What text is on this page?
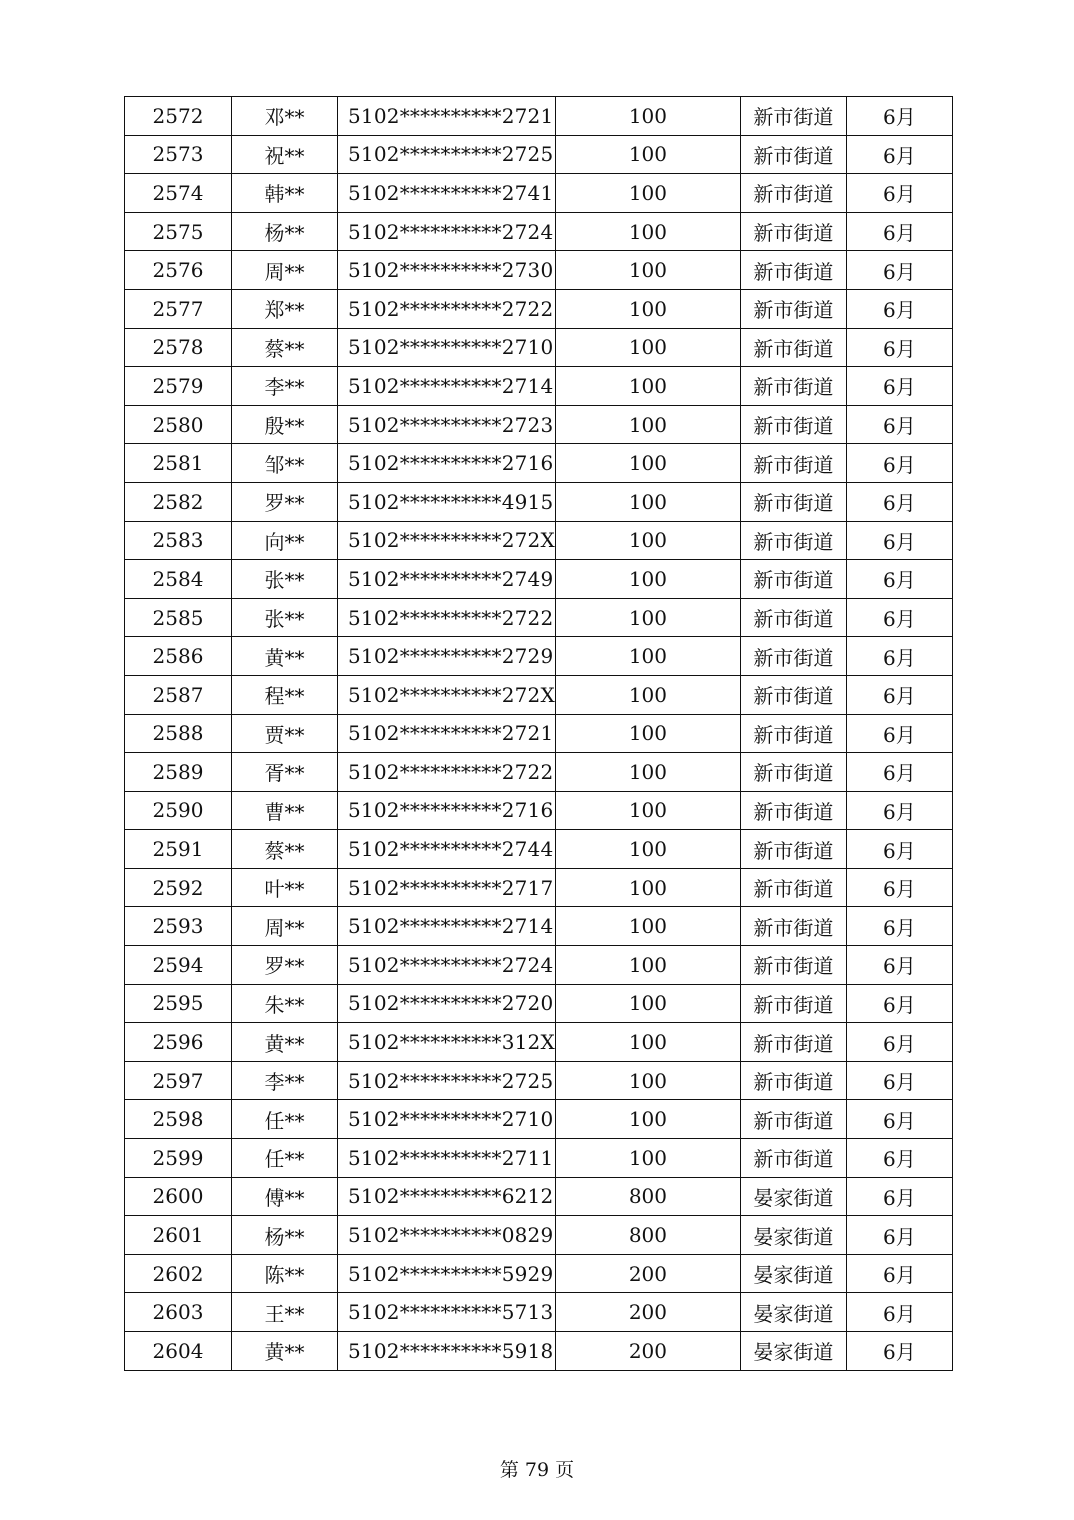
2572	邓**	5102**********2721	100	新市街道	6月
2573	祝**	5102**********2725	100	新市街道	6月
2574	韩**	5102**********2741	100	新市街道	6月
2575	杨**	5102**********2724	100	新市街道	6月
2576	周**	5102**********2730	100	新市街道	6月
2577	郑**	5102**********2722	100	新市街道	6月
2578	蔡**	5102**********2710	100	新市街道	6月
2579	李**	5102**********2714	100	新市街道	6月
2580	殷**	5102**********2723	100	新市街道	6月
2581	邹**	5102**********2716	100	新市街道	6月
2582	罗**	5102**********4915	100	新市街道	6月
2583	向**	5102**********272X	100	新市街道	6月
2584	张**	5102**********2749	100	新市街道	6月
2585	张**	5102**********2722	100	新市街道	6月
2586	黄**	5102**********2729	100	新市街道	6月
2587	程**	5102**********272X	100	新市街道	6月
2588	贾**	5102**********2721	100	新市街道	6月
2589	胥**	5102**********2722	100	新市街道	6月
2590	曹**	5102**********2716	100	新市街道	6月
2591	蔡**	5102**********2744	100	新市街道	6月
2592	叶**	5102**********2717	100	新市街道	6月
2593	周**	5102**********2714	100	新市街道	6月
2594	罗**	5102**********2724	100	新市街道	6月
2595	朱**	5102**********2720	100	新市街道	6月
2596	黄**	5102**********312X	100	新市街道	6月
2597	李**	5102**********2725	100	新市街道	6月
2598	任**	5102**********2710	100	新市街道	6月
2599	任**	5102**********2711	100	新市街道	6月
2600	傅**	5102**********6212	800	晏家街道	6月
2601	杨**	5102**********0829	800	晏家街道	6月
2602	陈**	5102**********5929	200	晏家街道	6月
2603	王**	5102**********5713	200	晏家街道	6月
2604	黄**	5102**********5918	200	晏家街道	6月
第 79 页
